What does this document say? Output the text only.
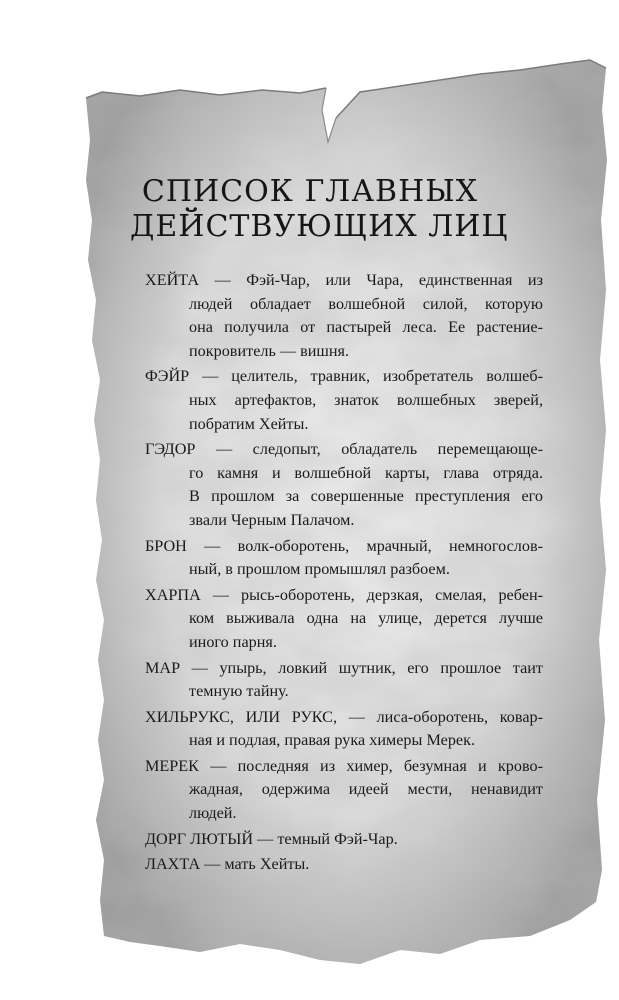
СПИСОК ГЛАВНЫХ
ДЕЙСТВУЮЩИХ ЛИЦ
ХЕЙТА — Фэй-Чар, или Чара, единственная из
людей обладает волшебной силой, которую
она получила от пастырей леса. Ее растение-
покровитель — вишня.
ФЭЙР — целитель, травник, изобретатель волшеб-
ных артефактов, знаток волшебных зверей,
побратим Хейты.
ГЭДОР — следопыт, обладатель перемещающе-
го камня и волшебной карты, глава отряда.
В прошлом за совершенные преступления его
звали Черным Палачом.
БРОН — волк-оборотень, мрачный, немногослов-
ный, в прошлом промышлял разбоем.
ХАРПА — рысь-оборотень, дерзкая, смелая, ребен-
ком выживала одна на улице, дерется лучше
иного парня.
МАР — упырь, ловкий шутник, его прошлое таит
темную тайну.
ХИЛЬРУКС, ИЛИ РУКС, — лиса-оборотень, ковар-
ная и подлая, правая рука химеры Мерек.
МЕРЕК — последняя из химер, безумная и крово-
жадная, одержима идеей мести, ненавидит
людей.
ДОРГ ЛЮТЫЙ — темный Фэй-Чар.
ЛАХТА — мать Хейты.
